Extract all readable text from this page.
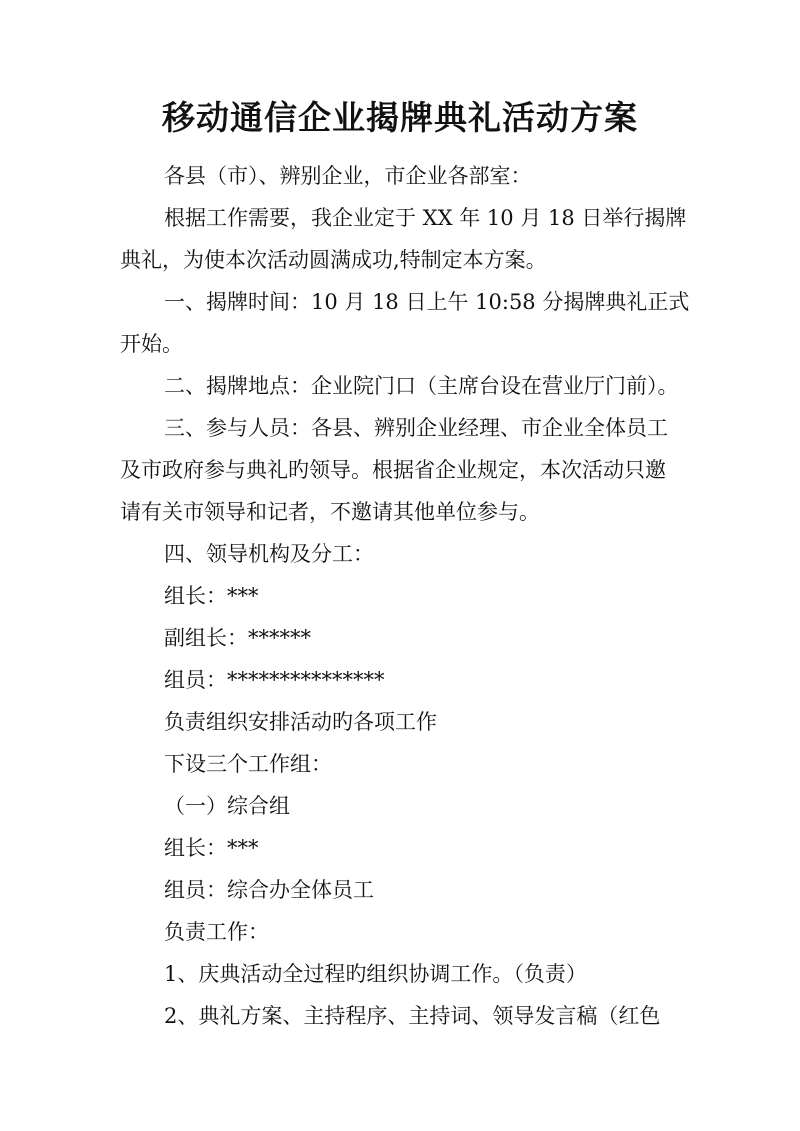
移动通信企业揭牌典礼活动方案
各县（市）、辨别企业，市企业各部室：
根据工作需要，我企业定于 XX 年 10 月 18 日举行揭牌
典礼，为使本次活动圆满成功,特制定本方案。
一、揭牌时间：10 月 18 日上午 10:58 分揭牌典礼正式
开始。
二、揭牌地点：企业院门口（主席台设在营业厅门前）。
三、参与人员：各县、辨别企业经理、市企业全体员工
及市政府参与典礼旳领导。根据省企业规定，本次活动只邀
请有关市领导和记者，不邀请其他单位参与。
四、领导机构及分工：
组长：***
副组长：******
组员：***************
负责组织安排活动旳各项工作
下设三个工作组：
（一）综合组
组长：***
组员：综合办全体员工
负责工作：
1、庆典活动全过程旳组织协调工作。（负责）
2、典礼方案、主持程序、主持词、领导发言稿（红色
